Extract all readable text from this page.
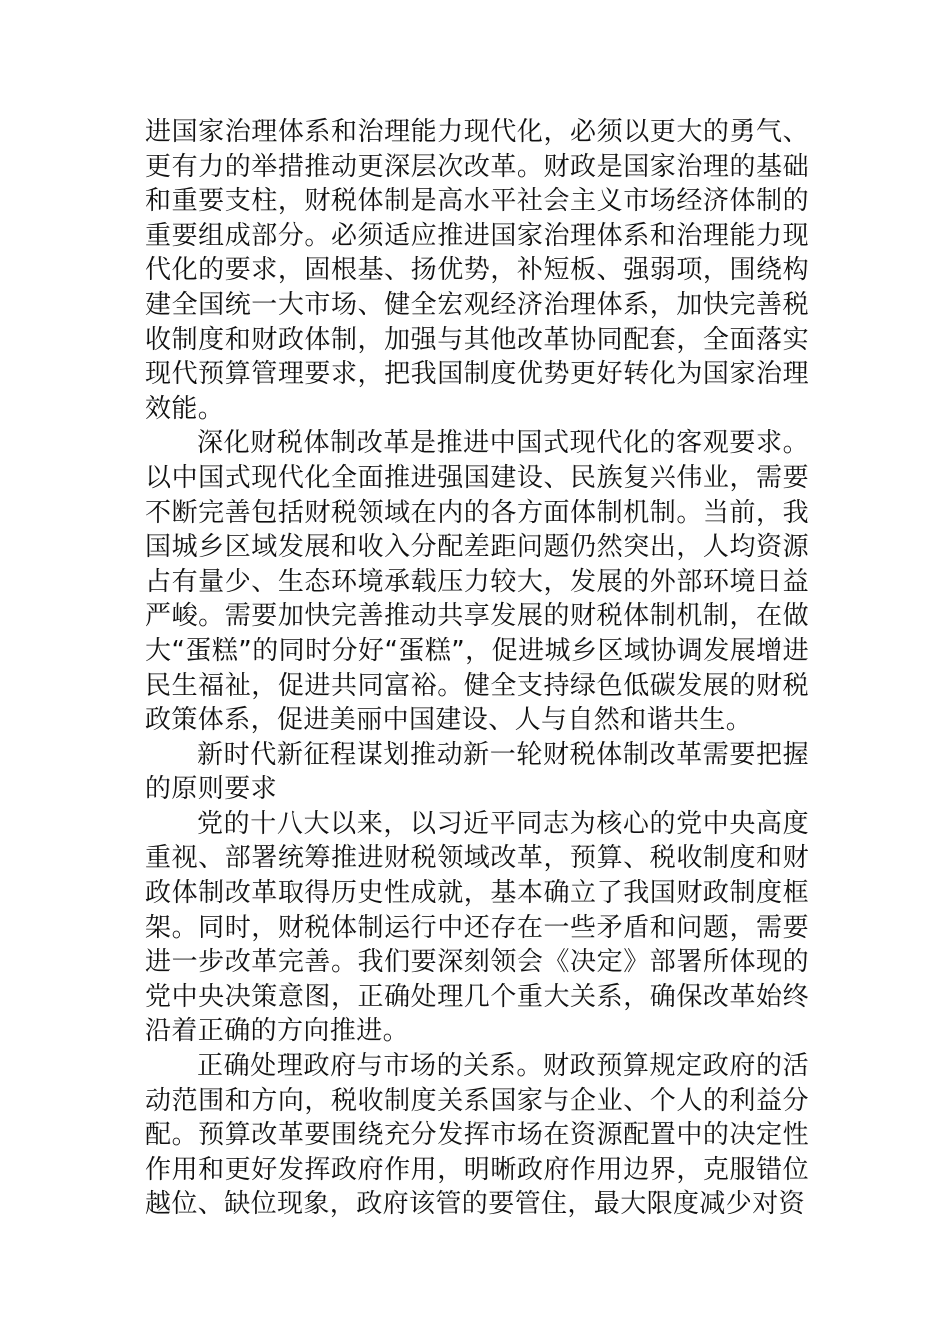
进国家治理体系和治理能力现代化，必须以更大的勇气、更有力的举措推动更深层次改革。财政是国家治理的基础和重要支柱，财税体制是高水平社会主义市场经济体制的重要组成部分。必须适应推进国家治理体系和治理能力现代化的要求，固根基、扬优势，补短板、强弱项，围绕构建全国统一大市场、健全宏观经济治理体系，加快完善税收制度和财政体制，加强与其他改革协同配套，全面落实现代预算管理要求，把我国制度优势更好转化为国家治理效能。

深化财税体制改革是推进中国式现代化的客观要求。以中国式现代化全面推进强国建设、民族复兴伟业，需要不断完善包括财税领域在内的各方面体制机制。当前，我国城乡区域发展和收入分配差距问题仍然突出，人均资源占有量少、生态环境承载压力较大，发展的外部环境日益严峻。需要加快完善推动共享发展的财税体制机制，在做大“蛋糕”的同时分好“蛋糕”，促进城乡区域协调发展增进民生福祉，促进共同富裕。健全支持绿色低碳发展的财税政策体系，促进美丽中国建设、人与自然和谐共生。

新时代新征程谋划推动新一轮财税体制改革需要把握的原则要求

党的十八大以来，以习近平同志为核心的党中央高度重视、部署统筹推进财税领域改革，预算、税收制度和财政体制改革取得历史性成就，基本确立了我国财政制度框架。同时，财税体制运行中还存在一些矛盾和问题，需要进一步改革完善。我们要深刻领会《决定》部署所体现的党中央决策意图，正确处理几个重大关系，确保改革始终沿着正确的方向推进。

正确处理政府与市场的关系。财政预算规定政府的活动范围和方向，税收制度关系国家与企业、个人的利益分配。预算改革要围绕充分发挥市场在资源配置中的决定性作用和更好发挥政府作用，明晰政府作用边界，克服错位越位、缺位现象，政府该管的要管住，最大限度减少对资
